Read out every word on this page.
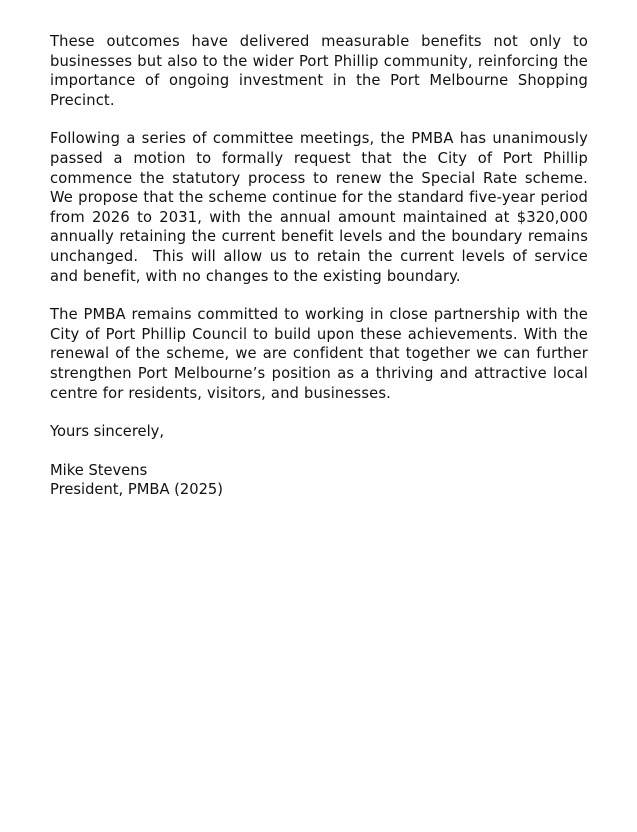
These outcomes have delivered measurable benefits not only to businesses but also to the wider Port Phillip community, reinforcing the importance of ongoing investment in the Port Melbourne Shopping Precinct.

Following a series of committee meetings, the PMBA has unanimously passed a motion to formally request that the City of Port Phillip commence the statutory process to renew the Special Rate scheme. We propose that the scheme continue for the standard five-year period from 2026 to 2031, with the annual amount maintained at $320,000 annually retaining the current benefit levels and the boundary remains unchanged.  This will allow us to retain the current levels of service and benefit, with no changes to the existing boundary.

The PMBA remains committed to working in close partnership with the City of Port Phillip Council to build upon these achievements. With the renewal of the scheme, we are confident that together we can further strengthen Port Melbourne’s position as a thriving and attractive local centre for residents, visitors, and businesses.

Yours sincerely,

Mike Stevens
President, PMBA (2025)
